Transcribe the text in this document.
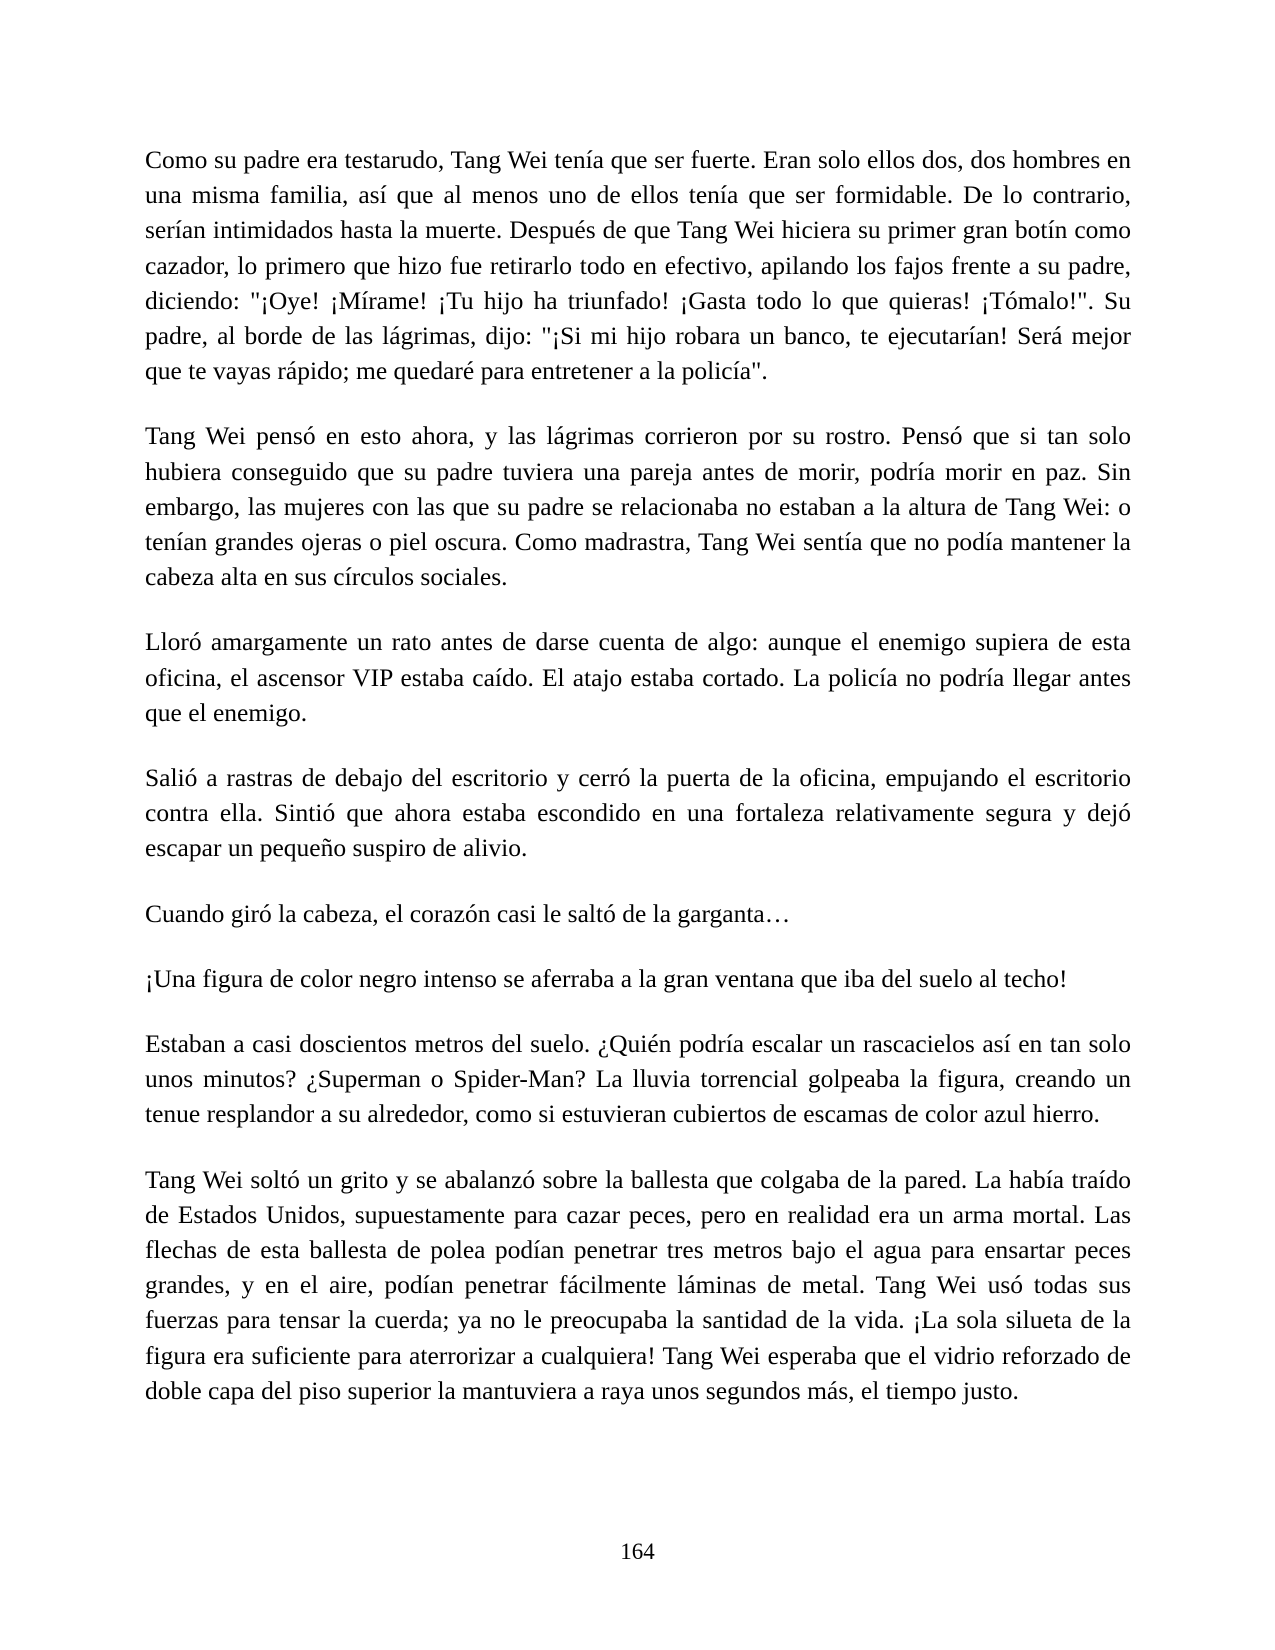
Como su padre era testarudo, Tang Wei tenía que ser fuerte. Eran solo ellos dos, dos hombres en una misma familia, así que al menos uno de ellos tenía que ser formidable. De lo contrario, serían intimidados hasta la muerte. Después de que Tang Wei hiciera su primer gran botín como cazador, lo primero que hizo fue retirarlo todo en efectivo, apilando los fajos frente a su padre, diciendo: "¡Oye! ¡Mírame! ¡Tu hijo ha triunfado! ¡Gasta todo lo que quieras! ¡Tómalo!". Su padre, al borde de las lágrimas, dijo: "¡Si mi hijo robara un banco, te ejecutarían! Será mejor que te vayas rápido; me quedaré para entretener a la policía".

Tang Wei pensó en esto ahora, y las lágrimas corrieron por su rostro. Pensó que si tan solo hubiera conseguido que su padre tuviera una pareja antes de morir, podría morir en paz. Sin embargo, las mujeres con las que su padre se relacionaba no estaban a la altura de Tang Wei: o tenían grandes ojeras o piel oscura. Como madrastra, Tang Wei sentía que no podía mantener la cabeza alta en sus círculos sociales.

Lloró amargamente un rato antes de darse cuenta de algo: aunque el enemigo supiera de esta oficina, el ascensor VIP estaba caído. El atajo estaba cortado. La policía no podría llegar antes que el enemigo.

Salió a rastras de debajo del escritorio y cerró la puerta de la oficina, empujando el escritorio contra ella. Sintió que ahora estaba escondido en una fortaleza relativamente segura y dejó escapar un pequeño suspiro de alivio.

Cuando giró la cabeza, el corazón casi le saltó de la garganta…

¡Una figura de color negro intenso se aferraba a la gran ventana que iba del suelo al techo!

Estaban a casi doscientos metros del suelo. ¿Quién podría escalar un rascacielos así en tan solo unos minutos? ¿Superman o Spider-Man? La lluvia torrencial golpeaba la figura, creando un tenue resplandor a su alrededor, como si estuvieran cubiertos de escamas de color azul hierro.

Tang Wei soltó un grito y se abalanzó sobre la ballesta que colgaba de la pared. La había traído de Estados Unidos, supuestamente para cazar peces, pero en realidad era un arma mortal. Las flechas de esta ballesta de polea podían penetrar tres metros bajo el agua para ensartar peces grandes, y en el aire, podían penetrar fácilmente láminas de metal. Tang Wei usó todas sus fuerzas para tensar la cuerda; ya no le preocupaba la santidad de la vida. ¡La sola silueta de la figura era suficiente para aterrorizar a cualquiera! Tang Wei esperaba que el vidrio reforzado de doble capa del piso superior la mantuviera a raya unos segundos más, el tiempo justo.

164
